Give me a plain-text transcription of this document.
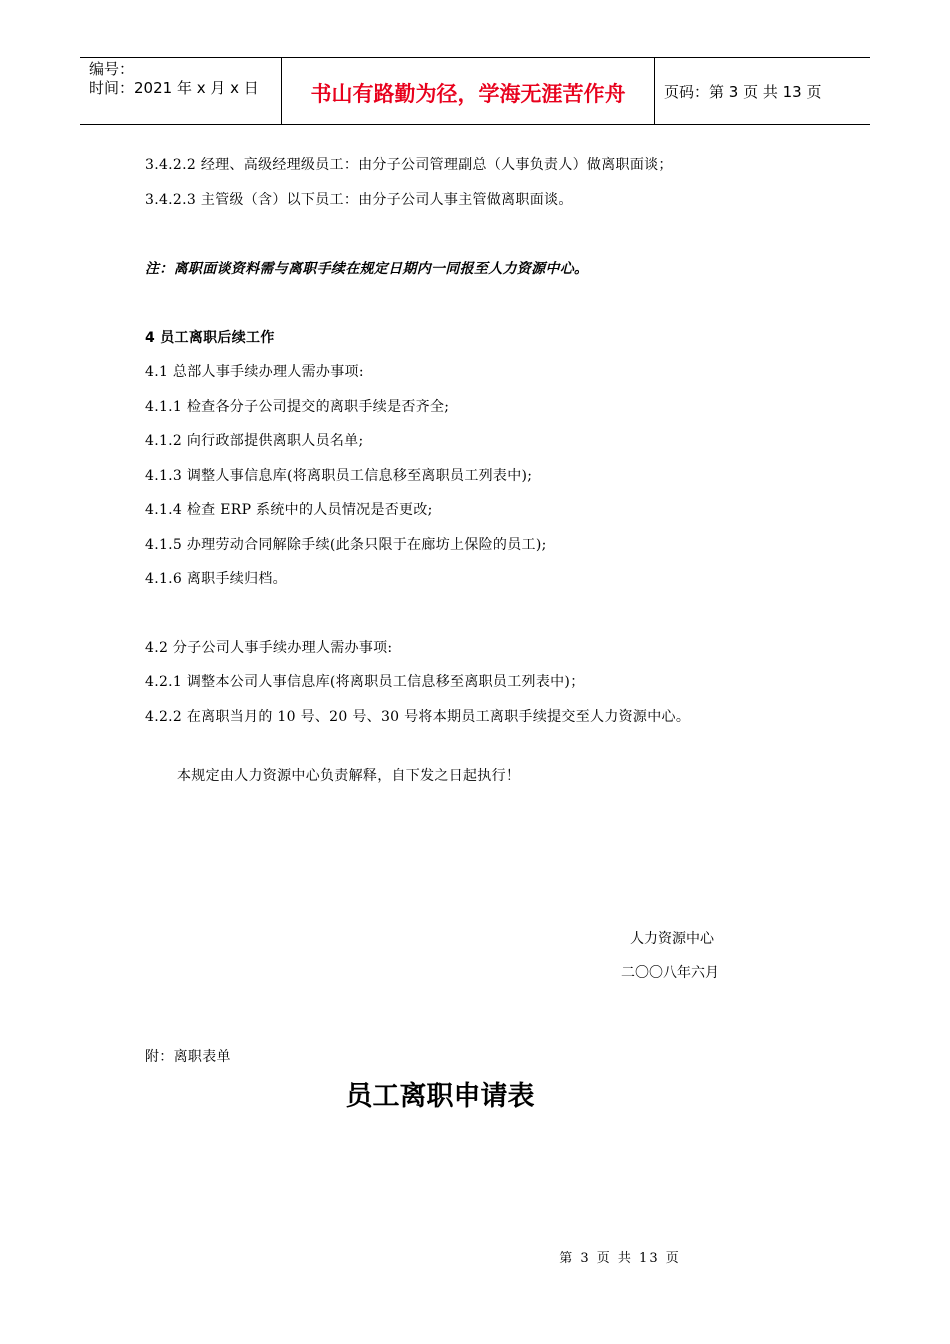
编号：
时间：2021 年 x 月 x 日	书山有路勤为径，学海无涯苦作舟	页码：第 3 页 共 13 页
3.4.2.2 经理、高级经理级员工：由分子公司管理副总（人事负责人）做离职面谈；
3.4.2.3 主管级（含）以下员工：由分子公司人事主管做离职面谈。
注：离职面谈资料需与离职手续在规定日期内一同报至人力资源中心。
4 员工离职后续工作
4.1 总部人事手续办理人需办事项:
4.1.1 检查各分子公司提交的离职手续是否齐全;
4.1.2 向行政部提供离职人员名单;
4.1.3 调整人事信息库(将离职员工信息移至离职员工列表中);
4.1.4 检查 ERP 系统中的人员情况是否更改;
4.1.5 办理劳动合同解除手续(此条只限于在廊坊上保险的员工);
4.1.6 离职手续归档。
4.2 分子公司人事手续办理人需办事项:
4.2.1 调整本公司人事信息库(将离职员工信息移至离职员工列表中)；
4.2.2 在离职当月的 10 号、20 号、30 号将本期员工离职手续提交至人力资源中心。
本规定由人力资源中心负责解释，自下发之日起执行！
人力资源中心
二〇〇八年六月
附：离职表单
员工离职申请表
第 3 页 共 13 页
